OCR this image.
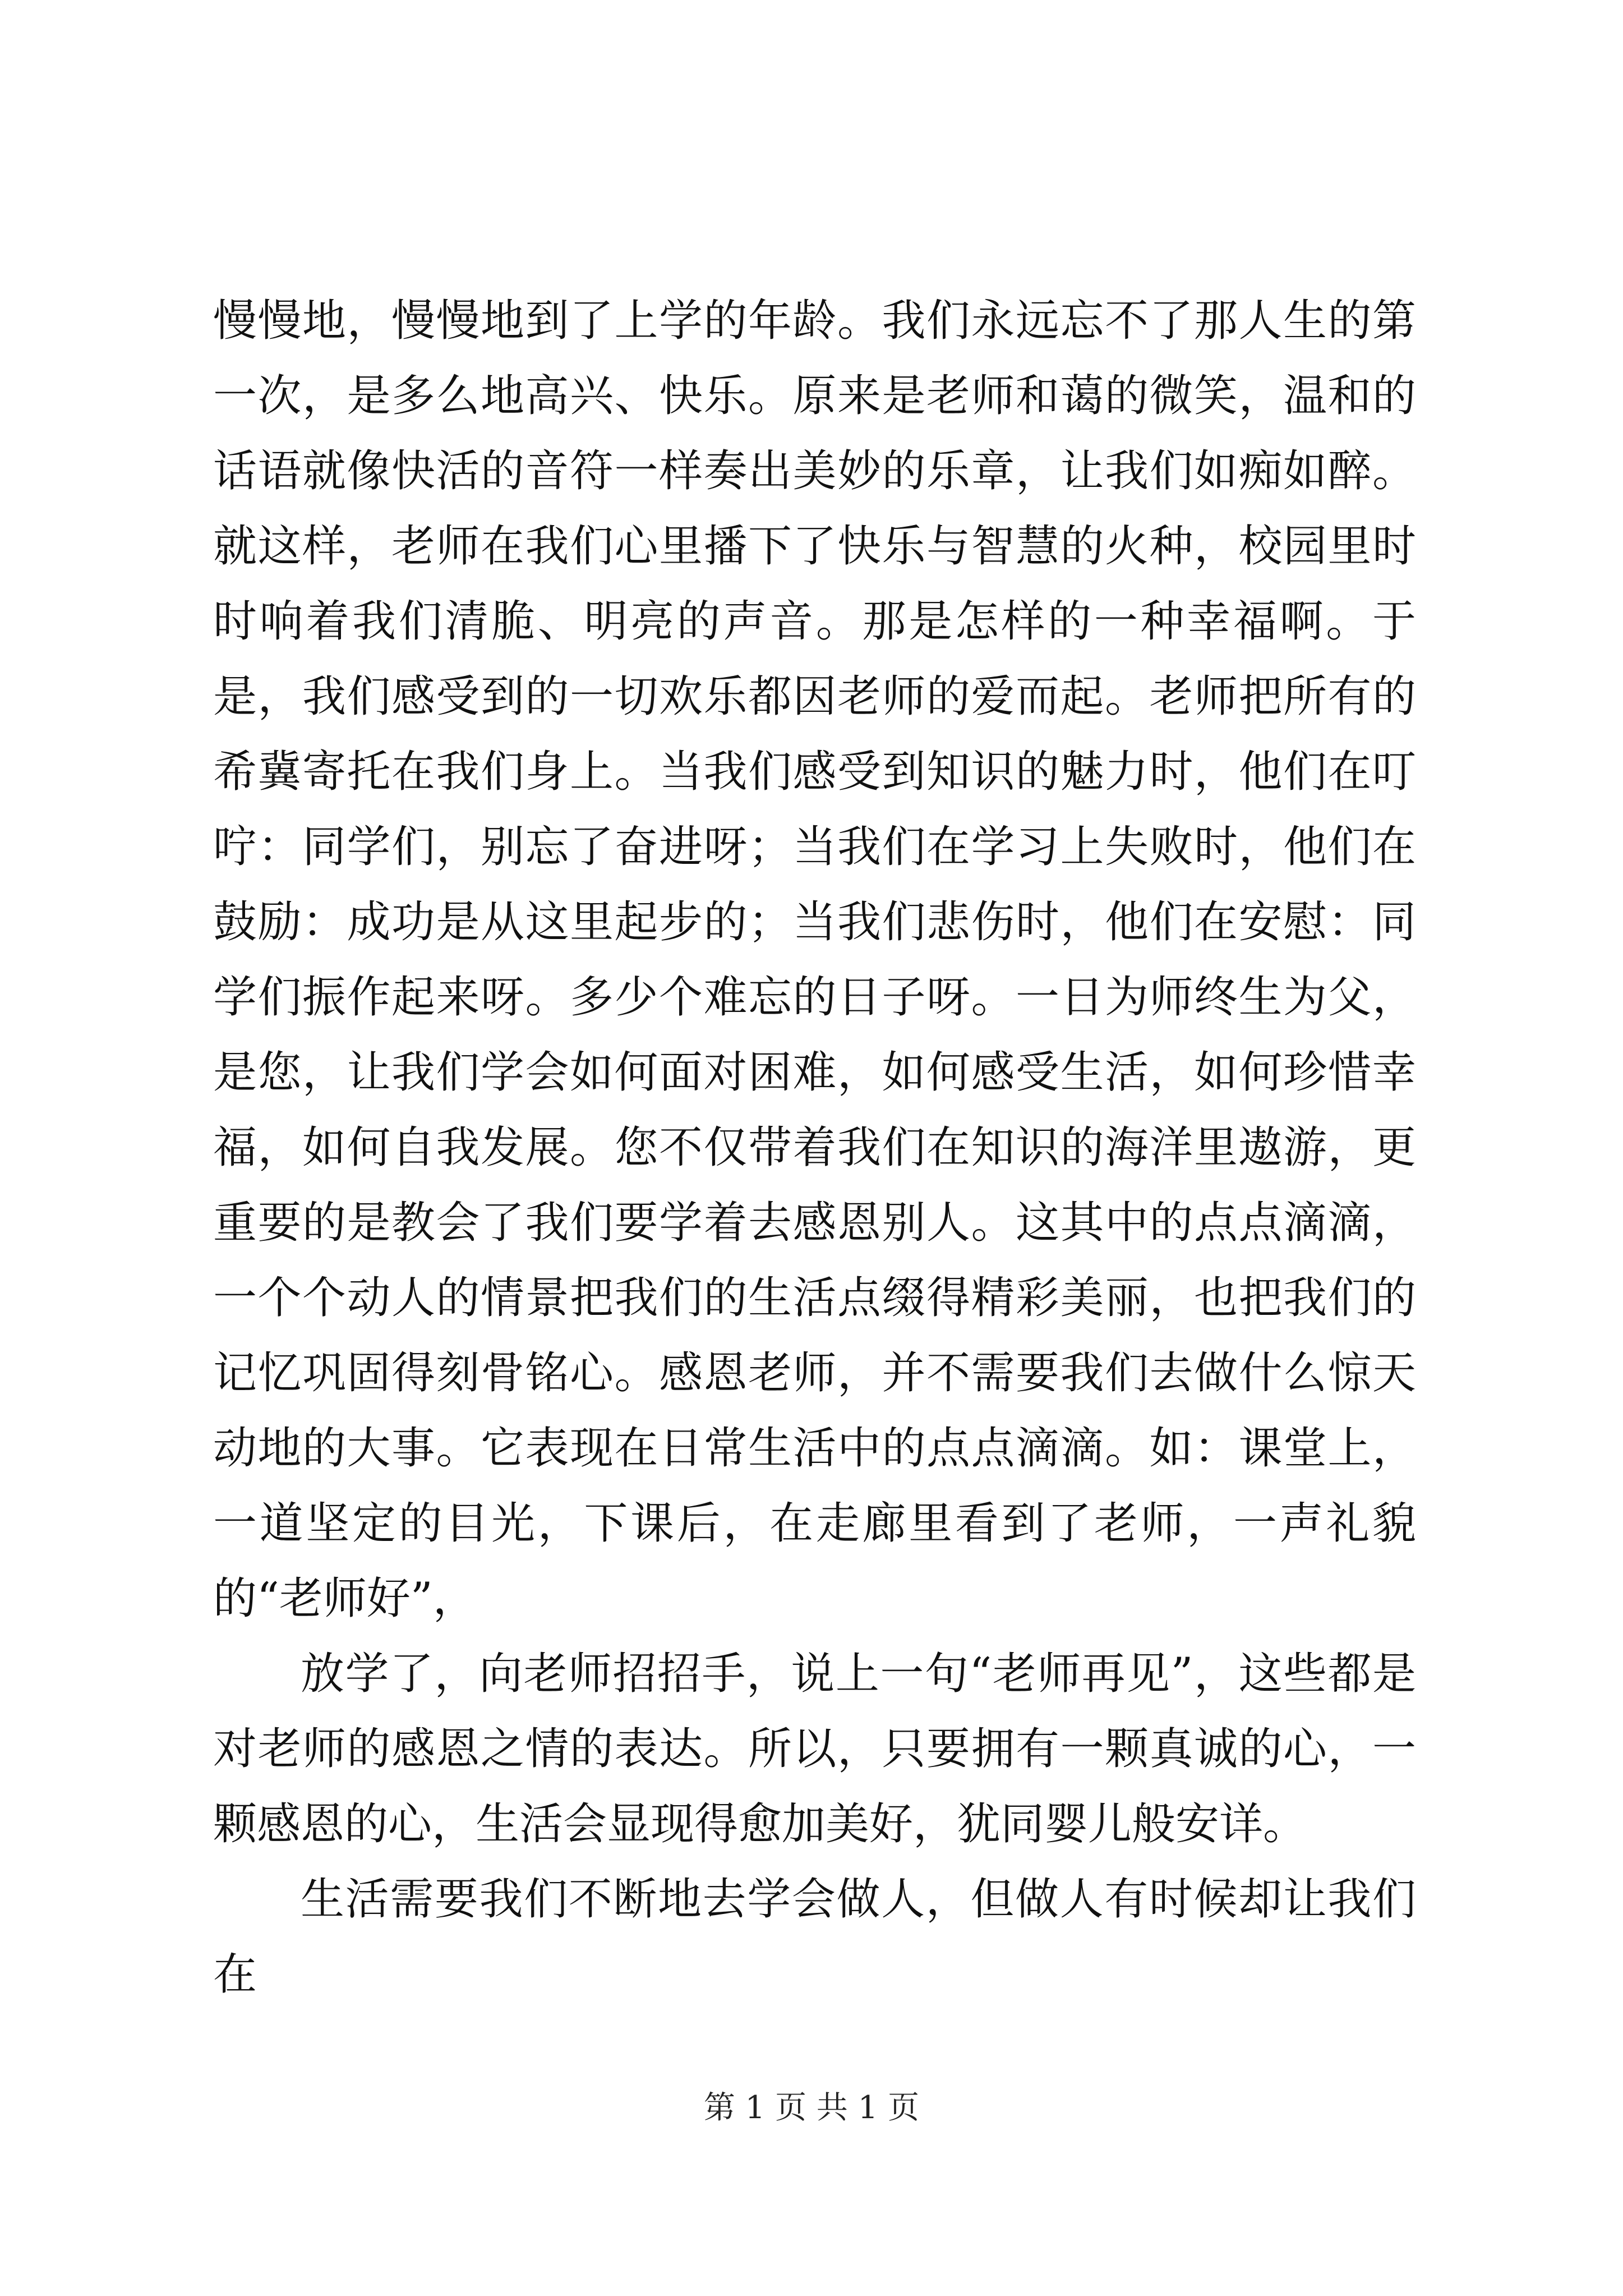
慢慢地，慢慢地到了上学的年龄。我们永远忘不了那人生的第一次，是多么地高兴、快乐。原来是老师和蔼的微笑，温和的话语就像快活的音符一样奏出美妙的乐章，让我们如痴如醉。就这样，老师在我们心里播下了快乐与智慧的火种，校园里时时响着我们清脆、明亮的声音。那是怎样的一种幸福啊。于是，我们感受到的一切欢乐都因老师的爱而起。老师把所有的希冀寄托在我们身上。当我们感受到知识的魅力时，他们在叮咛：同学们，别忘了奋进呀；当我们在学习上失败时，他们在鼓励：成功是从这里起步的；当我们悲伤时，他们在安慰：同学们振作起来呀。多少个难忘的日子呀。一日为师终生为父，是您，让我们学会如何面对困难，如何感受生活，如何珍惜幸福，如何自我发展。您不仅带着我们在知识的海洋里遨游，更重要的是教会了我们要学着去感恩别人。这其中的点点滴滴，一个个动人的情景把我们的生活点缀得精彩美丽，也把我们的记忆巩固得刻骨铭心。感恩老师，并不需要我们去做什么惊天动地的大事。它表现在日常生活中的点点滴滴。如：课堂上，一道坚定的目光，下课后，在走廊里看到了老师，一声礼貌的“老师好”，

放学了，向老师招招手，说上一句“老师再见”，这些都是对老师的感恩之情的表达。所以，只要拥有一颗真诚的心，一颗感恩的心，生活会显现得愈加美好，犹同婴儿般安详。

生活需要我们不断地去学会做人，但做人有时候却让我们在

第 1 页 共 1 页
